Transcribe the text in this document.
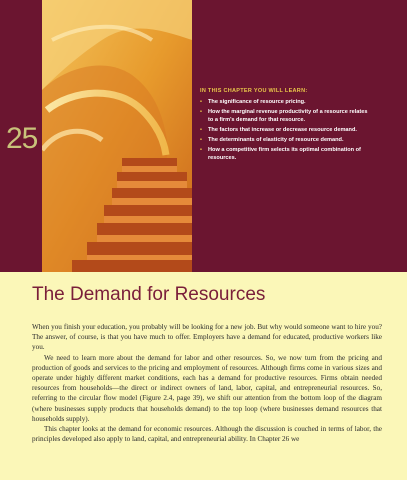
25
IN THIS CHAPTER YOU WILL LEARN:
• The significance of resource pricing.
• How the marginal revenue productivity of a resource relates to a firm's demand for that resource.
• The factors that increase or decrease resource demand.
• The determinants of elasticity of resource demand.
• How a competitive firm selects its optimal combination of resources.
The Demand for Resources

When you finish your education, you probably will be looking for a new job. But why would someone want to hire you? The answer, of course, is that you have much to offer. Employers have a demand for educated, productive workers like you.

We need to learn more about the demand for labor and other resources. So, we now turn from the pricing and production of goods and services to the pricing and employment of resources. Although firms come in various sizes and operate under highly different market conditions, each has a demand for productive resources. Firms obtain needed resources from households—the direct or indirect owners of land, labor, capital, and entrepreneurial resources. So, referring to the circular flow model (Figure 2.4, page 39), we shift our attention from the bottom loop of the diagram (where businesses supply products that households demand) to the top loop (where businesses demand resources that households supply).

This chapter looks at the demand for economic resources. Although the discussion is couched in terms of labor, the principles developed also apply to land, capital, and entrepreneurial ability. In Chapter 26 we
